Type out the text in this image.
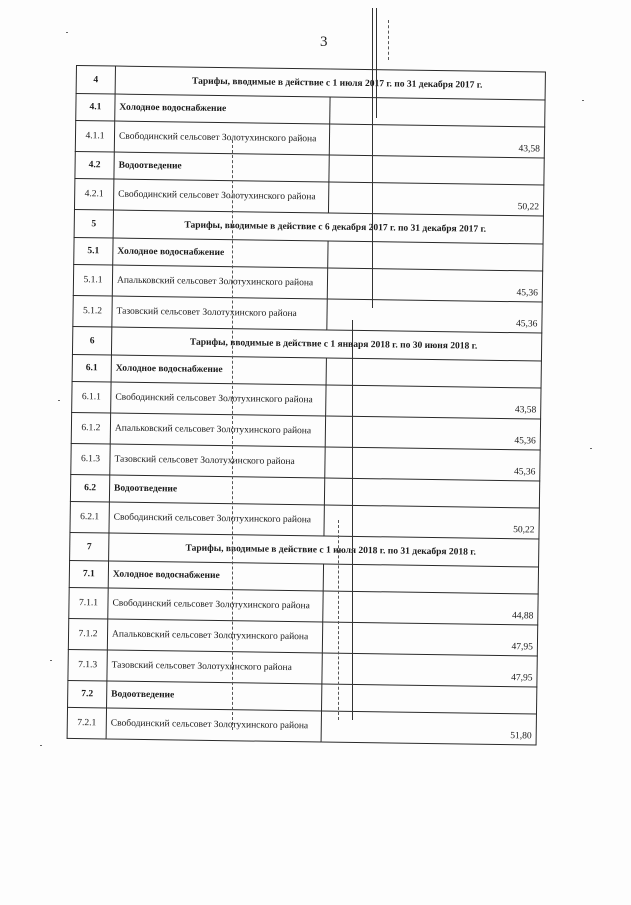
3
4	Тарифы, вводимые в действие с 1 июля 2017 г. по 31 декабря 2017 г.	
4.1	Холодное водоснабжение	
4.1.1	Свободинский сельсовет Золотухинского района	43,58
4.2	Водоотведение	
4.2.1	Свободинский сельсовет Золотухинского района	50,22
5	Тарифы, вводимые в действие с 6 декабря 2017 г. по 31 декабря 2017 г.	
5.1	Холодное водоснабжение	
5.1.1	Апальковский сельсовет Золотухинского района	45,36
5.1.2	Тазовский сельсовет Золотухинского района	45,36
6	Тарифы, вводимые в действие с 1 января 2018 г. по 30 июня 2018 г.	
6.1	Холодное водоснабжение	
6.1.1	Свободинский сельсовет Золотухинского района	43,58
6.1.2	Апальковский сельсовет Золотухинского района	45,36
6.1.3	Тазовский сельсовет Золотухинского района	45,36
6.2	Водоотведение	
6.2.1	Свободинский сельсовет Золотухинского района	50,22
7	Тарифы, вводимые в действие с 1 июля 2018 г. по 31 декабря 2018 г.	
7.1	Холодное водоснабжение	
7.1.1	Свободинский сельсовет Золотухинского района	44,88
7.1.2	Апальковский сельсовет Золотухинского района	47,95
7.1.3	Тазовский сельсовет Золотухинского района	47,95
7.2	Водоотведение	
7.2.1	Свободинский сельсовет Золотухинского района	51,80
